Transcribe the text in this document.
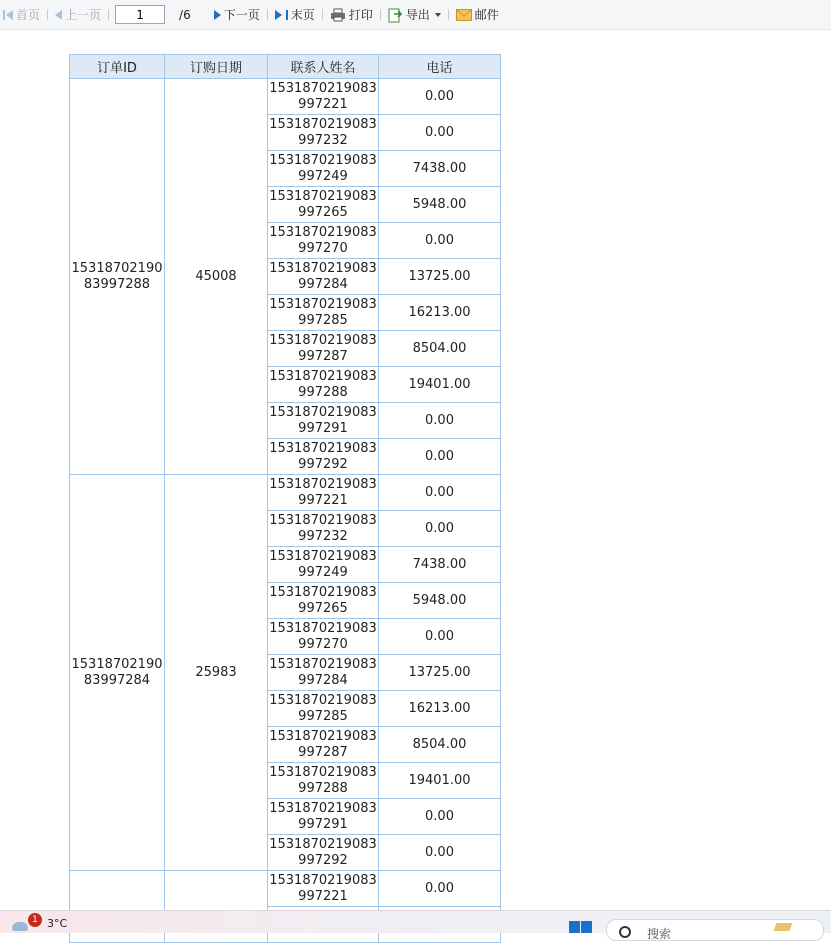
首页 上一页
1	/6	下一页	末页	打印	导出	邮件
订单ID	订购日期	联系人姓名	电话
1531870219083997288	45008	1531870219083997221	0.00
		1531870219083997232	0.00
		1531870219083997249	7438.00
		1531870219083997265	5948.00
		1531870219083997270	0.00
		1531870219083997284	13725.00
		1531870219083997285	16213.00
		1531870219083997287	8504.00
		1531870219083997288	19401.00
		1531870219083997291	0.00
		1531870219083997292	0.00
1531870219083997284	25983	1531870219083997221	0.00
		1531870219083997232	0.00
		1531870219083997249	7438.00
		1531870219083997265	5948.00
		1531870219083997270	0.00
		1531870219083997284	13725.00
		1531870219083997285	16213.00
		1531870219083997287	8504.00
		1531870219083997288	19401.00
		1531870219083997291	0.00
		1531870219083997292	0.00
		1531870219083997221	0.00

1 3°C
搜索
